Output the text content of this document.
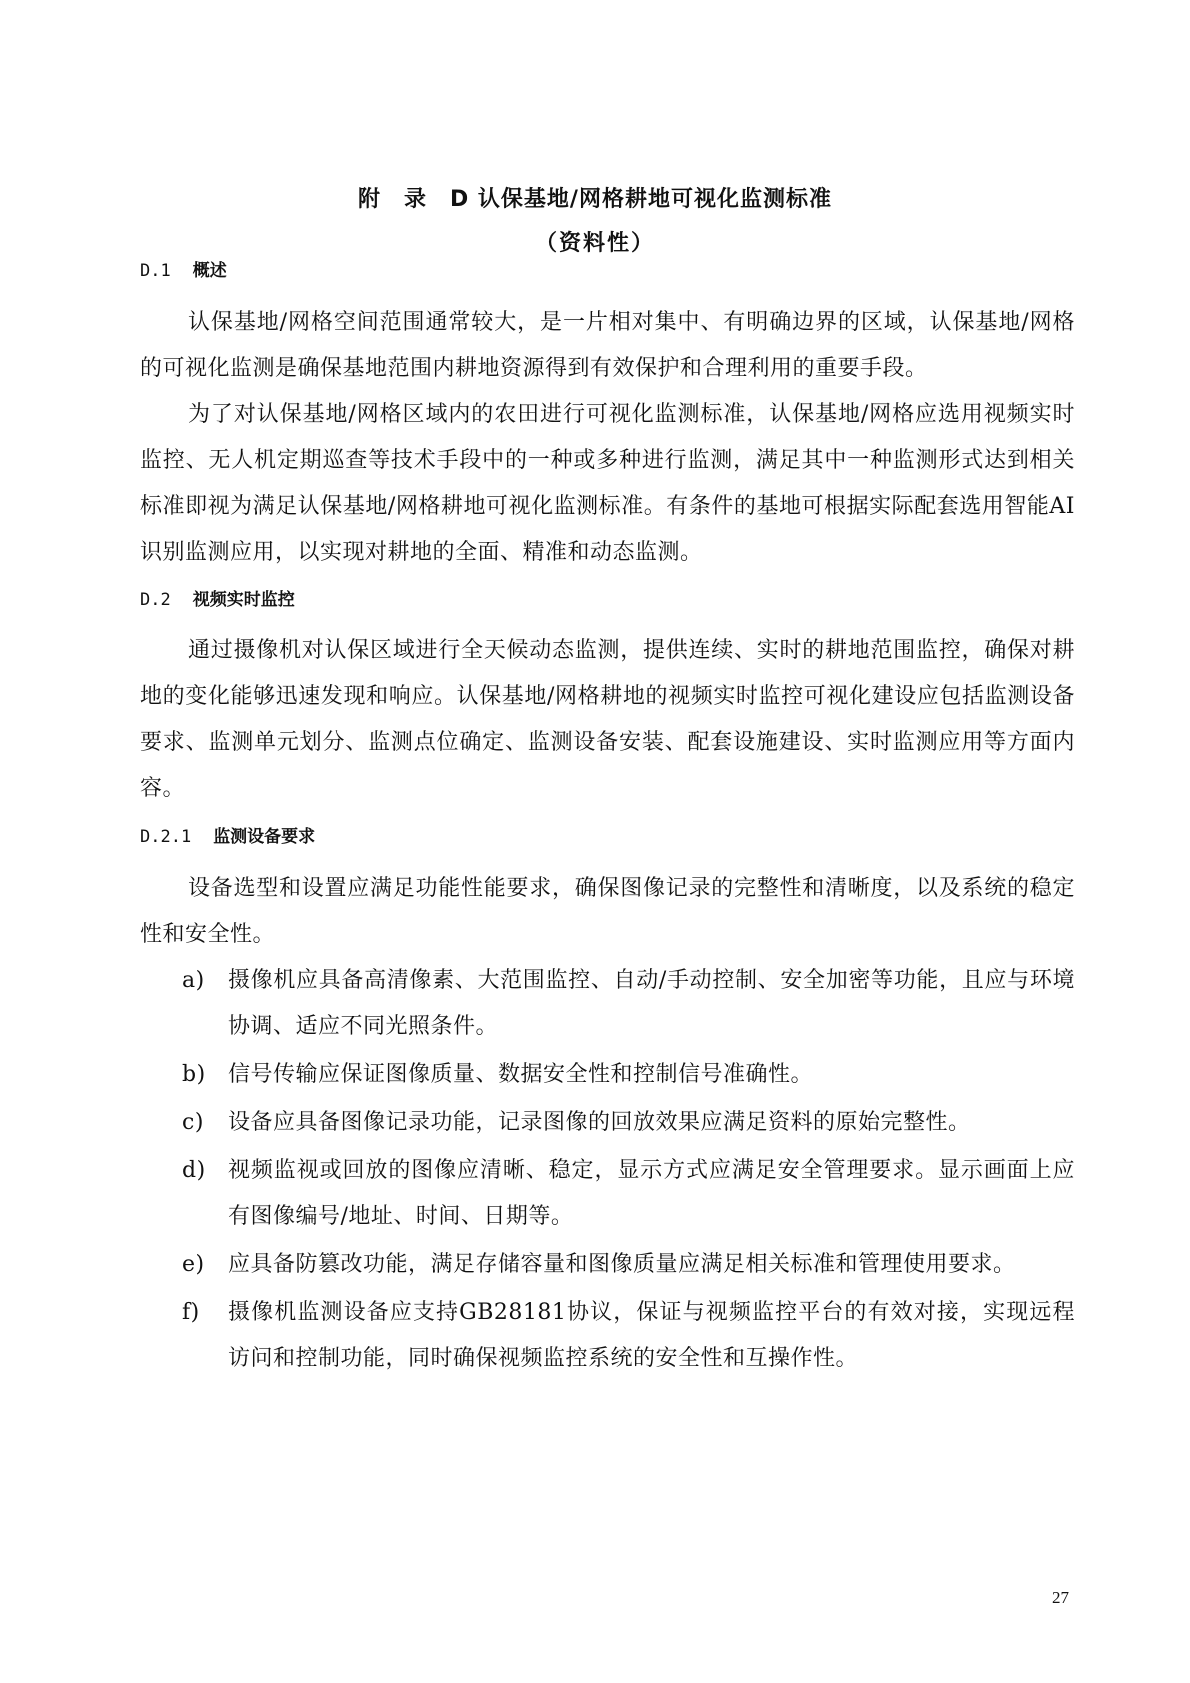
附　录　D 认保基地/网格耕地可视化监测标准
（资料性）
D.1 概述
认保基地/网格空间范围通常较大，是一片相对集中、有明确边界的区域，认保基地/网格的可视化监测是确保基地范围内耕地资源得到有效保护和合理利用的重要手段。
为了对认保基地/网格区域内的农田进行可视化监测标准，认保基地/网格应选用视频实时监控、无人机定期巡查等技术手段中的一种或多种进行监测，满足其中一种监测形式达到相关标准即视为满足认保基地/网格耕地可视化监测标准。有条件的基地可根据实际配套选用智能AI识别监测应用，以实现对耕地的全面、精准和动态监测。
D.2 视频实时监控
通过摄像机对认保区域进行全天候动态监测，提供连续、实时的耕地范围监控，确保对耕地的变化能够迅速发现和响应。认保基地/网格耕地的视频实时监控可视化建设应包括监测设备要求、监测单元划分、监测点位确定、监测设备安装、配套设施建设、实时监测应用等方面内容。
D.2.1 监测设备要求
设备选型和设置应满足功能性能要求，确保图像记录的完整性和清晰度，以及系统的稳定性和安全性。
a) 摄像机应具备高清像素、大范围监控、自动/手动控制、安全加密等功能，且应与环境协调、适应不同光照条件。
b) 信号传输应保证图像质量、数据安全性和控制信号准确性。
c) 设备应具备图像记录功能，记录图像的回放效果应满足资料的原始完整性。
d) 视频监视或回放的图像应清晰、稳定，显示方式应满足安全管理要求。显示画面上应有图像编号/地址、时间、日期等。
e) 应具备防篡改功能，满足存储容量和图像质量应满足相关标准和管理使用要求。
f) 摄像机监测设备应支持GB28181协议，保证与视频监控平台的有效对接，实现远程访问和控制功能，同时确保视频监控系统的安全性和互操作性。
27
